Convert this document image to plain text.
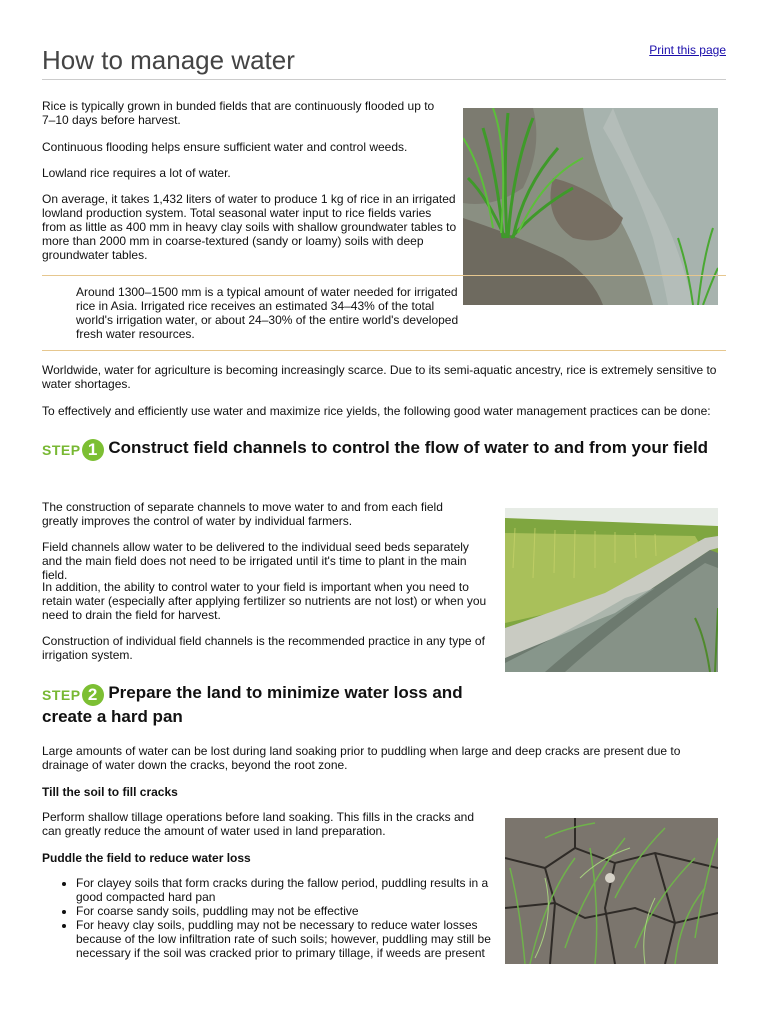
How to manage water	Print this page

Rice is typically grown in bunded fields that are continuously flooded up to 7–10 days before harvest.

Continuous flooding helps ensure sufficient water and control weeds.

Lowland rice requires a lot of water.

On average, it takes 1,432 liters of water to produce 1 kg of rice in an irrigated lowland production system. Total seasonal water input to rice fields varies from as little as 400 mm in heavy clay soils with shallow groundwater tables to more than 2000 mm in coarse-textured (sandy or loamy) soils with deep groundwater tables.

Around 1300–1500 mm is a typical amount of water needed for irrigated rice in Asia. Irrigated rice receives an estimated 34–43% of the total world's irrigation water, or about 24–30% of the entire world's developed fresh water resources.

Worldwide, water for agriculture is becoming increasingly scarce. Due to its semi-aquatic ancestry, rice is extremely sensitive to water shortages.

To effectively and efficiently use water and maximize rice yields, the following good water management practices can be done:

STEP 1 Construct field channels to control the flow of water to and from your field

The construction of separate channels to move water to and from each field greatly improves the control of water by individual farmers.

Field channels allow water to be delivered to the individual seed beds separately and the main field does not need to be irrigated until it's time to plant in the main field.

In addition, the ability to control water to your field is important when you need to retain water (especially after applying fertilizer so nutrients are not lost) or when you need to drain the field for harvest.

Construction of individual field channels is the recommended practice in any type of irrigation system.

STEP 2 Prepare the land to minimize water loss and create a hard pan

Large amounts of water can be lost during land soaking prior to puddling when large and deep cracks are present due to drainage of water down the cracks, beyond the root zone.

Till the soil to fill cracks

Perform shallow tillage operations before land soaking. This fills in the cracks and can greatly reduce the amount of water used in land preparation.

Puddle the field to reduce water loss

• For clayey soils that form cracks during the fallow period, puddling results in a good compacted hard pan
• For coarse sandy soils, puddling may not be effective
• For heavy clay soils, puddling may not be necessary to reduce water losses because of the low infiltration rate of such soils; however, puddling may still be necessary if the soil was cracked prior to primary tillage, if weeds are present
